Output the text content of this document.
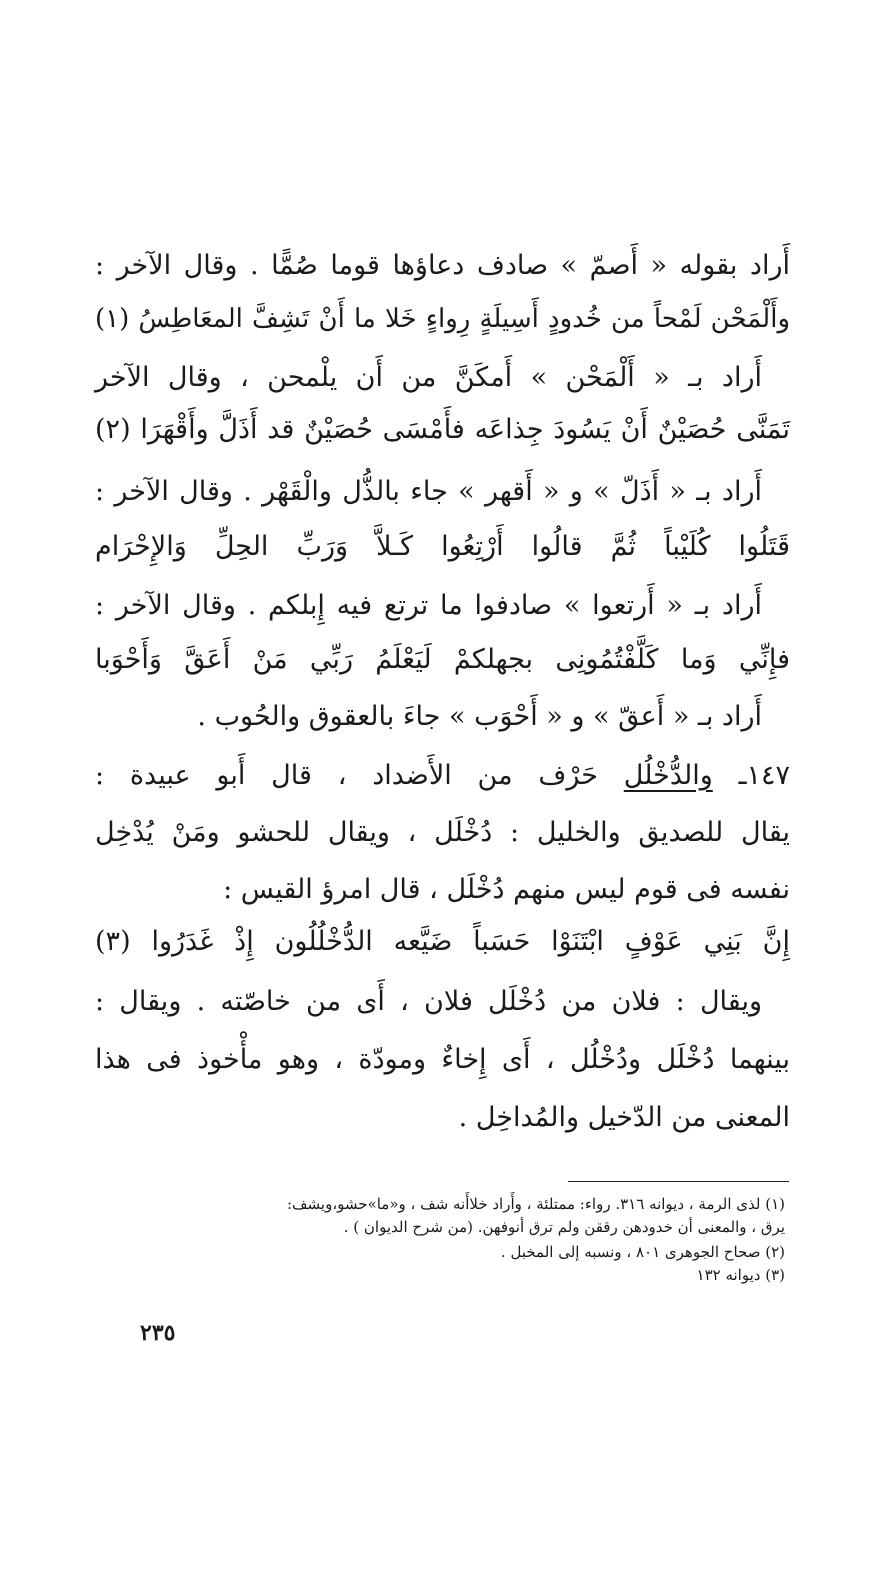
أَراد بقوله « أَصمّ » صادف دعاؤها قوما صُمًّا . وقال الآخر :
وأَلْمَحْن لَمْحاً من خُدودٍ أَسِيلَةٍ رِواءٍ خَلا ما أَنْ تَشِفَّ المعَاطِسُ (١)
أَراد بـ « أَلْمَحْن » أَمكَنَّ من أَن يلْمحن ، وقال الآخر
تَمَنَّى حُصَيْنٌ أَنْ يَسُودَ جِذاعَه فأَمْسَى حُصَيْنٌ قد أَذَلَّ وأَقْهَرَا (٢)
أَراد بـ « أَذَلّ » و « أَقهر » جاء بالذُّل والْقَهْر . وقال الآخر :
قَتَلُوا كُلَيْباً ثُمَّ قالُوا أَرْتِعُوا كَـلاَّ وَرَبِّ الحِلِّ وَالإِحْرَام
أَراد بـ « أَرتعوا » صادفوا ما ترتع فيه إِبلكم . وقال الآخر :
فإِنِّي وَما كَلَّفْتُمُونِى بجهلكمْ لَيَعْلَمُ رَبِّي مَنْ أَعَقَّ وَأَحْوَبا
أَراد بـ « أَعقّ » و « أَحْوَب » جاءَ بالعقوق والحُوب .
١٤٧ـ والدُّخْلُل حَرْف من الأَضداد ، قال أَبو عبيدة :
يقال للصديق والخليل : دُخْلَل ، ويقال للحشو ومَنْ يُدْخِل
نفسه فى قوم ليس منهم دُخْلَل ، قال امرؤ القيس :
إِنَّ بَنِي عَوْفٍ ابْتَنَوْا حَسَباً ضَيَّعه الدُّخْلُلُون إِذْ غَدَرُوا (٣)
ويقال : فلان من دُخْلَل فلان ، أَى من خاصّته . ويقال :
بينهما دُخْلَل ودُخْلُل ، أَى إِخاءٌ ومودّة ، وهو مأْخوذ فى هذا
المعنى من الدّخيل والمُداخِل .
(١) لذى الرمة ، ديوانه ٣١٦. رواء: ممتلئة ، وأَراد خلاأَنه شف ، و«ما»حشو،ويشف:
يرق ، والمعنى أن خدودهن رققن ولم ترق أنوفهن. (من شرح الديوان ) .
(٢) صحاح الجوهرى ٨٠١ ، ونسبه إلى المخبل .
(٣) ديوانه ١٣٢
٢٣٥
